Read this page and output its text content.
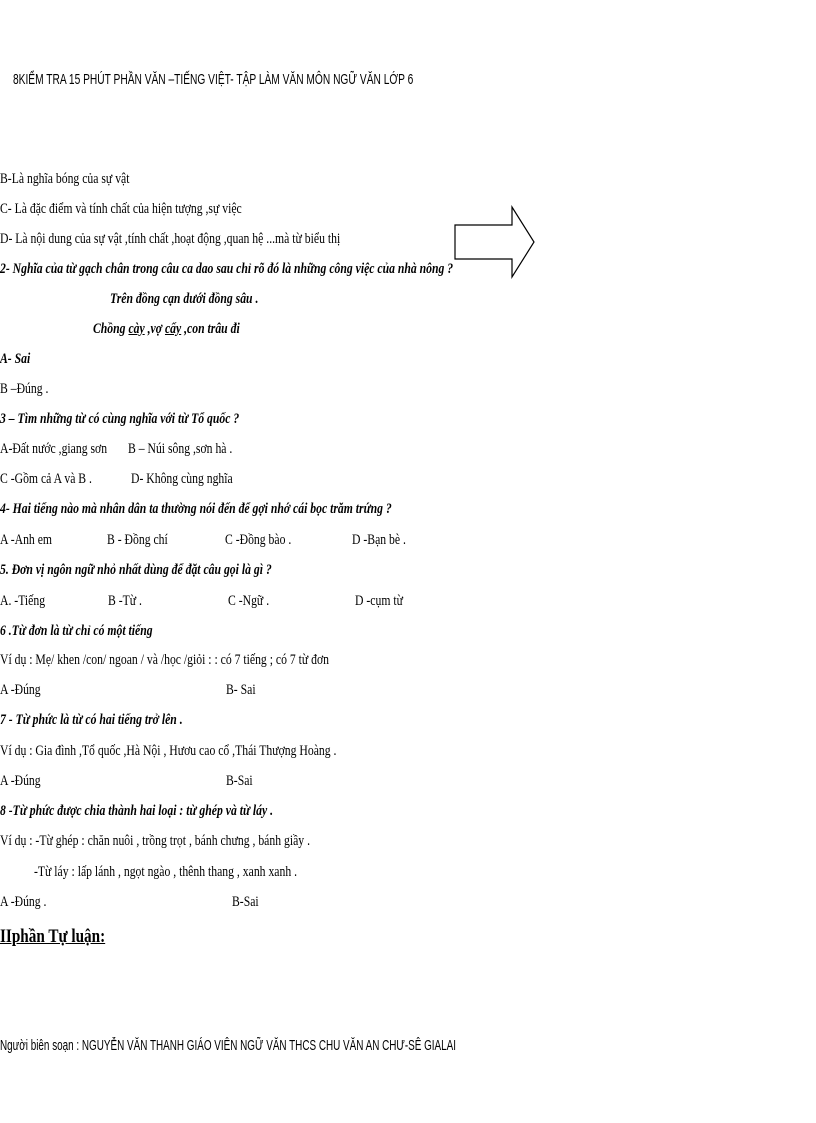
8KIỂM TRA 15 PHÚT PHẦN VĂN –TIẾNG VIỆT- TẬP LÀM VĂN MÔN NGỮ VĂN LỚP 6
B-Là nghĩa bóng của sự vật
C- Là đặc điểm và tính chất của hiện tượng ,sự việc
D- Là nội dung của sự vật ,tính chất ,hoạt động ,quan hệ ...mà từ biểu thị
2- Nghĩa của từ gạch chân trong câu ca dao sau chỉ rõ đó là những công việc của nhà nông ?
Trên đồng cạn dưới đồng sâu .
Chồng cày ,vợ cấy ,con trâu đi
A- Sai
B –Đúng .
3 – Tìm những từ có cùng nghĩa với từ Tổ quốc ?
A-Đất nước ,giang sơn B – Núi sông ,sơn hà .
C -Gồm cả A và B .	D- Không cùng nghĩa
4- Hai tiếng nào mà nhân dân ta thường nói đến để gợi nhớ cái bọc trăm trứng ?
A -Anh em	B - Đồng chí	C -Đồng bào .	D -Bạn bè .
5. Đơn vị ngôn ngữ nhỏ nhất dùng để đặt câu gọi là gì ?
A. -Tiếng	B -Từ .	C -Ngữ .	D -cụm từ
6 .Từ đơn là từ chỉ có một tiếng
Ví dụ : Mẹ/ khen /con/ ngoan / và /học /giỏi : : có 7 tiếng ; có 7 từ đơn
A -Đúng	B- Sai
7 - Từ phức là từ có hai tiếng trở lên .
Ví dụ : Gia đình ,Tổ quốc ,Hà Nội , Hươu cao cổ ,Thái Thượng Hoàng .
A -Đúng	B-Sai
8 -Từ phức được chia thành hai loại : từ ghép và từ láy .
Ví dụ : -Từ ghép : chăn nuôi , trồng trọt , bánh chưng , bánh giầy .
-Từ láy : lấp lánh , ngọt ngào , thênh thang , xanh xanh .
A -Đúng .	B-Sai
IIphần Tự luận:
Người biên soạn : NGUYỄN VĂN THANH GIÁO VIÊN NGỮ VĂN THCS CHU VĂN AN CHƯ-SÊ GIALAI
